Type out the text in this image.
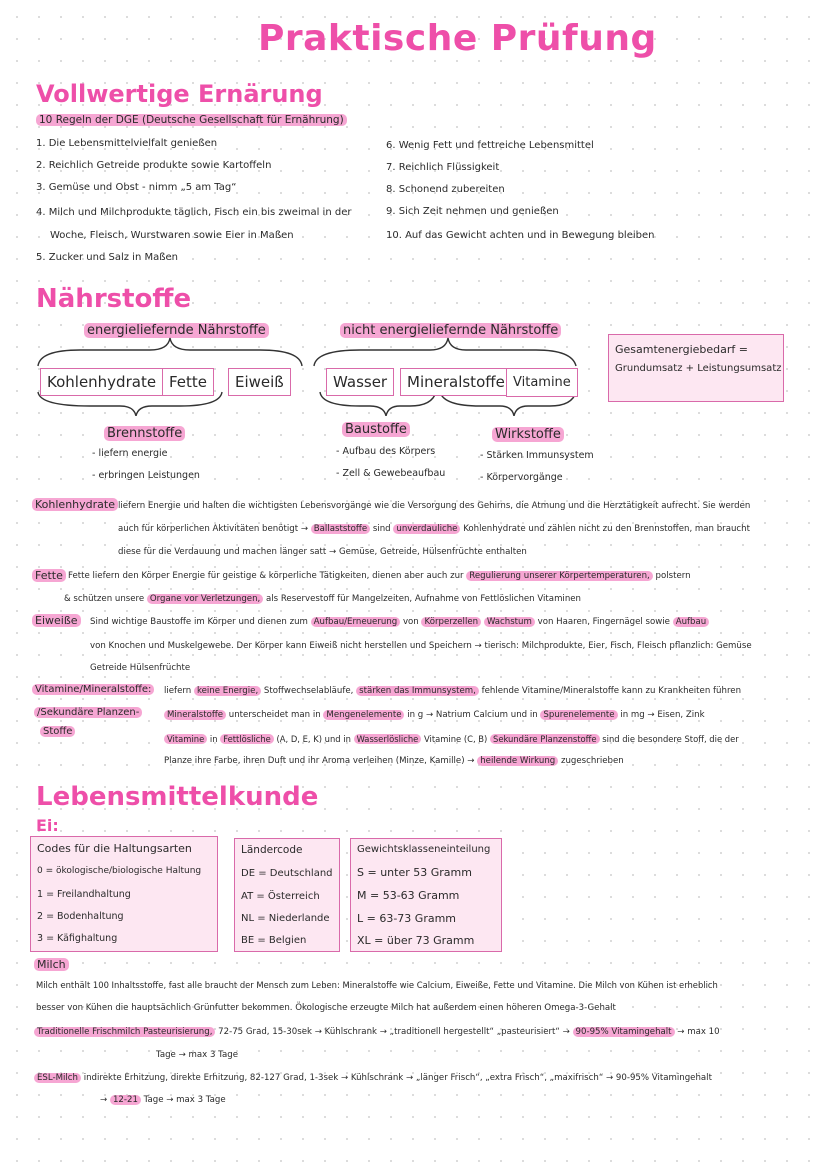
Praktische Prüfung
Vollwertige Ernärung
10 Regeln der DGE (Deutsche Gesellschaft für Ernährung)
1. Die Lebensmittelvielfalt genießen
2. Reichlich Getreide produkte sowie Kartoffeln
3. Gemüse und Obst - nimm „5 am Tag“
4. Milch und Milchprodukte täglich, Fisch ein bis zweimal in der
Woche, Fleisch, Wurstwaren sowie Eier in Maßen
5. Zucker und Salz in Maßen
6. Wenig Fett und fettreiche Lebensmittel
7. Reichlich Flüssigkeit
8. Schonend zubereiten
9. Sich Zeit nehmen und genießen
10. Auf das Gewicht achten und in Bewegung bleiben
Nährstoffe
energieliefernde Nährstoffe	nicht energieliefernde Nährstoffe
Kohlenhydrate Fette	Eiweiß	Wasser	Mineralstoffe Vitamine
Grundumsatz + Leistungsumsatz
Gesamtenergiebedarf =
Brennstoffe
- liefern energie
- erbringen Leistungen
Baustoffe
- Aufbau des Körpers
- Zell & Gewebeaufbau
Wirkstoffe
- Stärken Immunsystem
- Körpervorgänge
Kohlenhydrate liefern Energie und halten die wichtigsten Lebensvorgänge wie die Versorgung des Gehirns, die Atmung und die Herztätigkeit aufrecht. Sie werden
auch für körperlichen Aktivitäten benötigt → Ballaststoffe sind unverdauliche Kohlenhydrate und zählen nicht zu den Brennstoffen, man braucht
diese für die Verdauung und machen länger satt → Gemüse, Getreide, Hülsenfrüchte enthalten
Fette Fette liefern den Körper Energie für geistige & körperliche Tätigkeiten, dienen aber auch zur Regulierung unserer Körpertemperaturen, polstern
& schützen unsere Organe vor Verletzungen, als Reservestoff für Mangelzeiten, Aufnahme von Fettlöslichen Vitaminen
Eiweiße	Sind wichtige Baustoffe im Körper und dienen zum Aufbau/Erneuerung von Körperzellen Wachstum von Haaren, Fingernägel sowie Aufbau
von Knochen und Muskelgewebe. Der Körper kann Eiweiß nicht herstellen und Speichern → tierisch: Milchprodukte, Eier, Fisch, Fleisch pflanzlich: Gemüse
Getreide Hülsenfrüchte
Vitamine/Mineralstoffe:	liefern keine Energie, Stoffwechselabläufe, stärken das Immunsystem, fehlende Vitamine/Mineralstoffe kann zu Krankheiten führen
/Sekundäre Planzen-
Stoffe
Mineralstoffe unterscheidet man in Mengenelemente in g → Natrium Calcium und in Spurenelemente in mg → Eisen, Zink
Vitamine in Fettlösliche (A, D, E, K) und in Wasserlösliche Vitamine (C, B) Sekundäre Planzenstoffe sind die besondere Stoff, die der
Planze ihre Farbe, ihren Duft und ihr Aroma verleihen (Minze, Kamille) → heilende Wirkung zugeschrieben
Lebensmittelkunde
Ei:
Codes für die Haltungsarten
0 = ökologische/biologische Haltung
1 = Freilandhaltung
2 = Bodenhaltung
3 = Käfighaltung
Ländercode
DE = Deutschland
AT = Österreich
NL = Niederlande
BE = Belgien
Gewichtsklasseneinteilung
S = unter 53 Gramm
M = 53-63 Gramm
L = 63-73 Gramm
XL = über 73 Gramm
Milch
Milch enthält 100 Inhaltsstoffe, fast alle braucht der Mensch zum Leben: Mineralstoffe wie Calcium, Eiweiße, Fette und Vitamine. Die Milch von Kühen ist erheblich
besser von Kühen die hauptsächlich Grünfutter bekommen. Ökologische erzeugte Milch hat außerdem einen höheren Omega-3-Gehalt
Traditionelle Frischmilch Pasteurisierung, 72-75 Grad, 15-30sek → Kühlschrank → „traditionell hergestellt“ „pasteurisiert“ → 90-95% Vitamingehalt → max 10
Tage → max 3 Tage
ESL-Milch indirekte Erhitzung, direkte Erhitzung, 82-127 Grad, 1-3sek → Kühlschrank → „länger Frisch“, „extra Frisch“, „maxifrisch“ → 90-95% Vitamingehalt
→ 12-21 Tage → max 3 Tage
